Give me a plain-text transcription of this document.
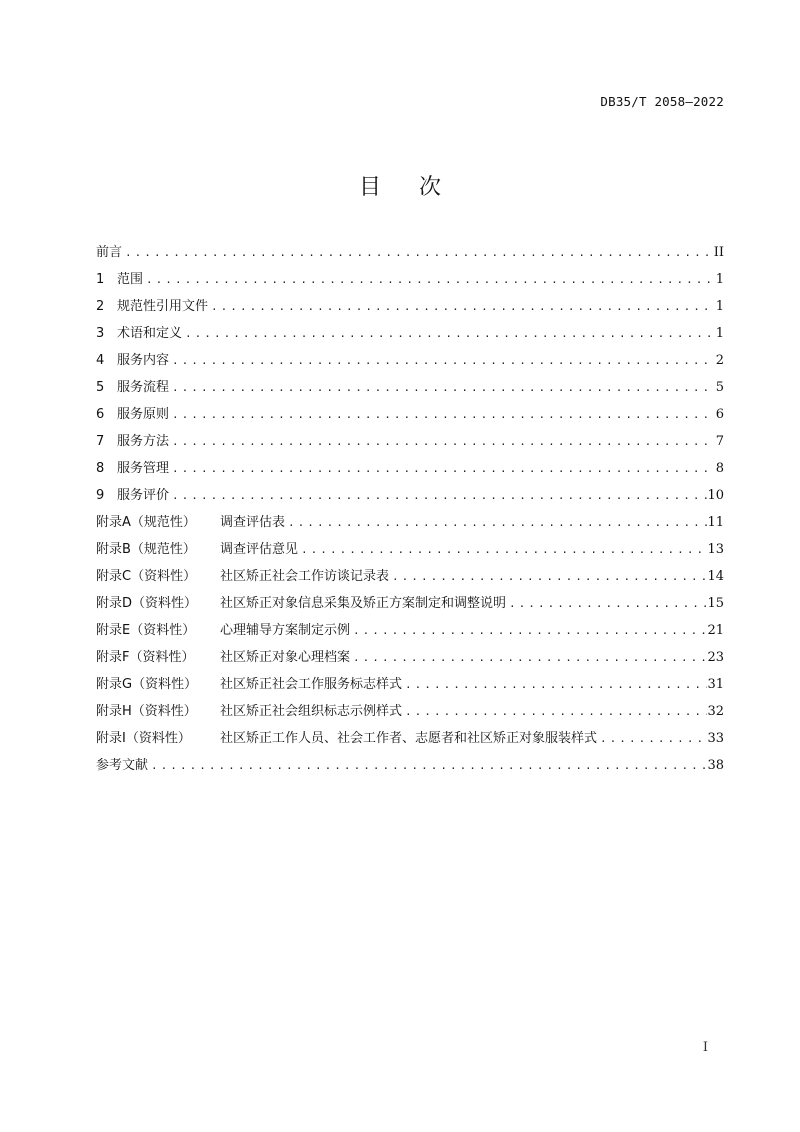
DB35/T 2058—2022
目次
前言 . . .	II
1 范围 . . .	1
2 规范性引用文件 . . .	1
3 术语和定义 . . .	1
4 服务内容 . . .	2
5 服务流程 . . .	5
6 服务原则 . . .	6
7 服务方法 . . .	7
8 服务管理 . . .	8
9 服务评价 . . .	10
附录A（规范性） 调查评估表 . . .	11
附录B（规范性） 调查评估意见 . . .	13
附录C（资料性） 社区矫正社会工作访谈记录表 . . .	14
附录D（资料性） 社区矫正对象信息采集及矫正方案制定和调整说明 . . .	15
附录E（资料性） 心理辅导方案制定示例 . . .	21
附录F（资料性） 社区矫正对象心理档案 . . .	23
附录G（资料性） 社区矫正社会工作服务标志样式 . . .	31
附录H（资料性） 社区矫正社会组织标志示例样式 . . .	32
附录I（资料性） 社区矫正工作人员、社会工作者、志愿者和社区矫正对象服装样式 . . .	33
参考文献 . . .	38
I
